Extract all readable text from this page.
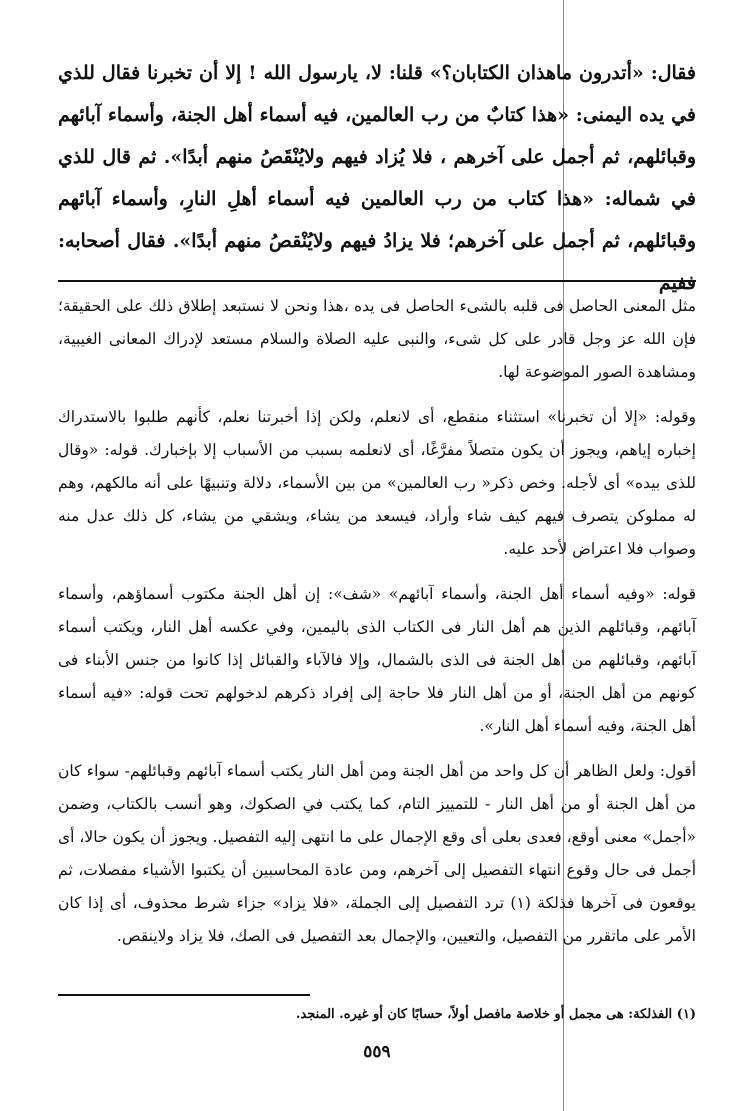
فقال: «أتدرون ماهذان الكتابان؟» قلنا: لا، يارسول الله ! إلا أن تخبرنا فقال للذي في يده اليمنى: «هذا كتابٌ من رب العالمين، فيه أسماء أهل الجنة، وأسماء آبائهم وقبائلهم، ثم أجمل على آخرهم ، فلا يُزاد فيهم ولايُنْقَصُ منهم أبدًا». ثم قال للذي في شماله: «هذا كتاب من رب العالمين فيه أسماء أهلِ النارِ، وأسماء آبائهم وقبائلهم، ثم أجمل على آخرهم؛ فلا يزادُ فيهم ولايُنْقصُ منهم أبدًا». فقال أصحابه: ففيم

مثل المعنى الحاصل فى قلبه بالشىء الحاصل فى يده ،هذا ونحن لا نستبعد إطلاق ذلك على الحقيقة؛ فإن الله عز وجل قادر على كل شىء، والنبى عليه الصلاة والسلام مستعد لإدراك المعانى الغيبية، ومشاهدة الصور الموضوعة لها.

وقوله: «إلا أن تخبرنا» استثناء منقطع، أى لانعلم، ولكن إذا أخبرتنا نعلم، كأنهم طلبوا بالاستدراك إخباره إياهم، ويجوز أن يكون متصلاً مفرَّغًا، أى لانعلمه بسبب من الأسباب إلا بإخبارك. قوله: «وقال للذى بيده» أى لأجله. وخص ذكر« رب العالمين» من بين الأسماء، دلالة وتنبيهًا على أنه مالكهم، وهم له مملوكن يتصرف فيهم كيف شاء وأراد، فيسعد من يشاء، ويشقي من يشاء، كل ذلك عدل منه وصواب فلا اعتراض لأحد عليه.

قوله: «وفيه أسماء أهل الجنة، وأسماء آبائهم» «شف»: إن أهل الجنة مكتوب أسماؤهم، وأسماء آبائهم، وقبائلهم الذين هم أهل النار فى الكتاب الذى باليمين، وفي عكسه أهل النار، ويكتب أسماء آبائهم، وقبائلهم من أهل الجنة فى الذى بالشمال، وإلا فالآباء والقبائل إذا كانوا من جنس الأبناء فى كونهم من أهل الجنة، أو من أهل النار فلا حاجة إلى إفراد ذكرهم لدخولهم تحت قوله: «فيه أسماء أهل الجنة، وفيه أسماء أهل النار».

أقول: ولعل الظاهر أن كل واحد من أهل الجنة ومن أهل النار يكتب أسماء آبائهم وقبائلهم- سواء كان من أهل الجنة أو من أهل النار - للتمييز التام، كما يكتب في الصكوك، وهو أنسب بالكتاب، وضمن «أجمل» معنى أوقع، فعدى بعلى أى وقع الإجمال على ما انتهى إليه التفصيل. ويجوز أن يكون حالا، أى أجمل فى حال وقوع انتهاء التفصيل إلى آخرهم، ومن عادة المحاسبين أن يكتبوا الأشياء مفصلات، ثم يوقعون فى آخرها فذلكة (١) ترد التفصيل إلى الجملة، «فلا يزاد» جزاء شرط محذوف، أى إذا كان الأمر على ماتقرر من التفصيل، والتعيين، والإجمال بعد التفصيل فى الصك، فلا يزاد ولاينقص.

(١) الفذلكة: هى مجمل أو خلاصة مافصل أولاً، حسابًا كان أو غيره. المنجد.

٥٥٩
